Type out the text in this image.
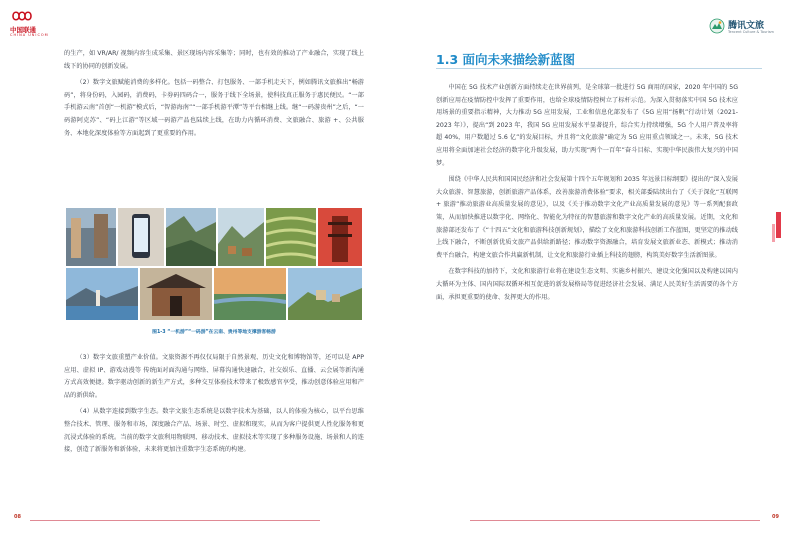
中国联通
CHINA UNICOM
腾讯文旅
Tencent Culture & Tourism

的生产，如 VR/AR/ 视频内容生成采集、景区现场内容采集等；同时，也有效的推动了产业融合，实现了线上线下的协同的创新发展。

（2）数字文旅赋能消费的多样化。包括一码整合、打包服务、一部手机走天下，例如腾讯文旅推出“畅游码”，将身份码，入园码，消费码，卡券码四码合一，服务于线下全场景，使科技真正服务于惠民便民。“一部手机游云南”首创“一机游”模式后，“智游海南”“一部手机游平潭”等平台相继上线。继“一码游贵州”之后，“一码游阿克苏”、“码上江游”等区域一码游产品也陆续上线，在助力内循环消费、文旅融合、旅游 +、公共服务、本地化深度体验等方面起到了更重要的作用。

图1-3 “一机游”“一码游”在云南、贵州等地支撑游客畅游

（3）数字文旅重塑产业价值。文旅资源不再仅仅局限于自然景观、历史文化和博物馆等，还可以是 APP 应用、虚拟 IP、游戏动漫等 传统面对面沟通与网络、屏幕沟通快速融合，社交娱乐、直播、云会展等新沟通方式高效便捷。数字驱动创新的新生产方式，多种交互体验技术带来了极致感官享受，推动创意体验应用和产品的新供给。

（4）从数字连接到数字生态。数字文旅生态系统是以数字技术为基础，以人的体验为核心，以平台思维整合技术、管理、服务和市场，深度融合产品、场景、时空、虚拟和现实，从而为客户提供更人性化服务和更沉浸式体验的系统。当前的数字文旅利用物联网、移动技术、虚拟技术等实现了多种服务设施、场景和人的连接，创造了新服务和新体验，未来将更加注重数字生态系统的构建。

1.3 面向未来描绘新蓝图

中国在 5G 技术产业创新方面持续走在世界前列，是全球第一批进行 5G 商用的国家，2020 年中国的 5G 创新应用在疫情防控中发挥了重要作用，也给全球疫情防控树立了标杆示范。为深入贯彻落实中国 5G 技术应用场景的重要指示精神，大力推动 5G 应用发展，工业和信息化部发布了《5G 应用“扬帆”行动计划（2021-2023 年）》，提出“到 2023 年，我国 5G 应用发展水平显著提升，综合实力持续增强，5G 个人用户普及率将超 40%，用户数超过 5.6 亿”的发展目标，并且将“文化旅游”确定为 5G 应用重点领域之一。未来，5G 技术应用将全面加速社会经济的数字化升级发展，助力实现“两个一百年”奋斗目标、实现中华民族伟大复兴的中国梦。

围绕《中华人民共和国国民经济和社会发展第十四个五年规划和 2035 年远景目标纲要》提出的“深入发展大众旅游、智慧旅游，创新旅游产品体系，改善旅游消费体验”要求，相关部委陆续出台了《关于深化“互联网 + 旅游”推动旅游业高质量发展的意见》，以及《关于推动数字文化产业高质量发展的意见》等一系列配套政策，从而加快推进以数字化、网络化、智能化为特征的智慧旅游和数字文化产业的高质量发展。近期，文化和旅游部还发布了《“十四五”文化和旅游科技创新规划》，描绘了文化和旅游科技创新工作蓝图，更坚定的推动线上线下融合，不断创新优质文旅产品供给新路径；推动数字资源融合，培育发展文旅新业态、新模式；推动消费平台融合，构建文旅合作共赢新机制，让文化和旅游行业插上科技的翅膀，构筑美好数字生活新图景。

在数字科技的加持下，文化和旅游行业将在建设生态文明、实施乡村振兴、建设文化强国以及构建以国内大循环为主体、国内国际双循环相互促进的新发展格局等促进经济社会发展、满足人民美好生活需要的各个方面，承担更重要的使命、发挥更大的作用。

08	09
